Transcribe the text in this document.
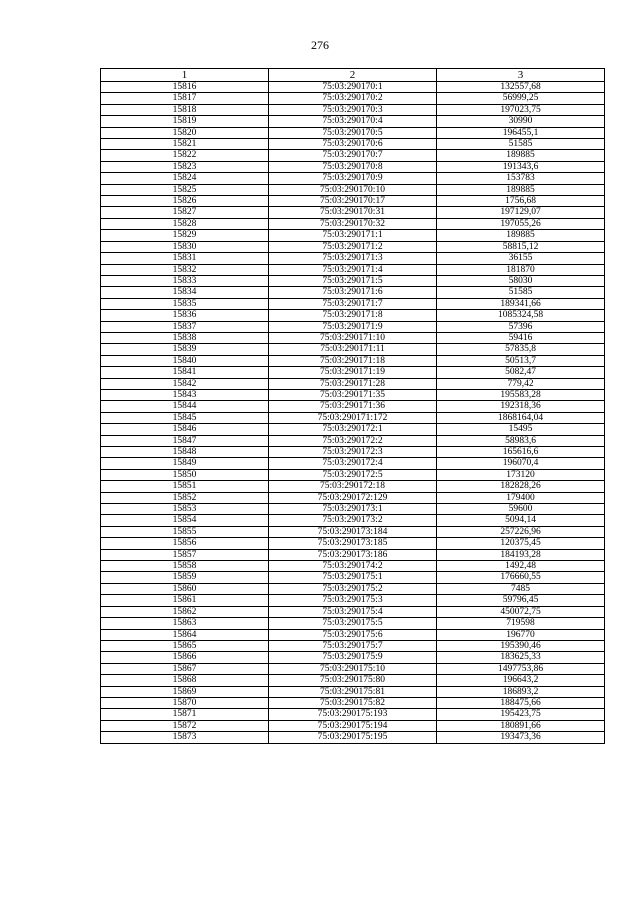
276
1	2	3
15816	75:03:290170:1	132557,68
15817	75:03:290170:2	56999,25
15818	75:03:290170:3	197023,75
15819	75:03:290170:4	30990
15820	75:03:290170:5	196455,1
15821	75:03:290170:6	51585
15822	75:03:290170:7	189885
15823	75:03:290170:8	191343,6
15824	75:03:290170:9	153783
15825	75:03:290170:10	189885
15826	75:03:290170:17	1756,68
15827	75:03:290170:31	197129,07
15828	75:03:290170:32	197055,26
15829	75:03:290171:1	189885
15830	75:03:290171:2	58815,12
15831	75:03:290171:3	36155
15832	75:03:290171:4	181870
15833	75:03:290171:5	58030
15834	75:03:290171:6	51585
15835	75:03:290171:7	189341,66
15836	75:03:290171:8	1085324,58
15837	75:03:290171:9	57396
15838	75:03:290171:10	59416
15839	75:03:290171:11	57835,8
15840	75:03:290171:18	50513,7
15841	75:03:290171:19	5082,47
15842	75:03:290171:28	779,42
15843	75:03:290171:35	195583,28
15844	75:03:290171:36	192318,36
15845	75:03:290171:172	1868164,04
15846	75:03:290172:1	15495
15847	75:03:290172:2	58983,6
15848	75:03:290172:3	165616,6
15849	75:03:290172:4	196070,4
15850	75:03:290172:5	173120
15851	75:03:290172:18	182828,26
15852	75:03:290172:129	179400
15853	75:03:290173:1	59600
15854	75:03:290173:2	5094,14
15855	75:03:290173:184	257226,96
15856	75:03:290173:185	120375,45
15857	75:03:290173:186	184193,28
15858	75:03:290174:2	1492,48
15859	75:03:290175:1	176660,55
15860	75:03:290175:2	7485
15861	75:03:290175:3	59796,45
15862	75:03:290175:4	450072,75
15863	75:03:290175:5	719598
15864	75:03:290175:6	196770
15865	75:03:290175:7	195390,46
15866	75:03:290175:9	183625,33
15867	75:03:290175:10	1497753,86
15868	75:03:290175:80	196643,2
15869	75:03:290175:81	186893,2
15870	75:03:290175:82	188475,66
15871	75:03:290175:193	195423,75
15872	75:03:290175:194	180891,66
15873	75:03:290175:195	193473,36
